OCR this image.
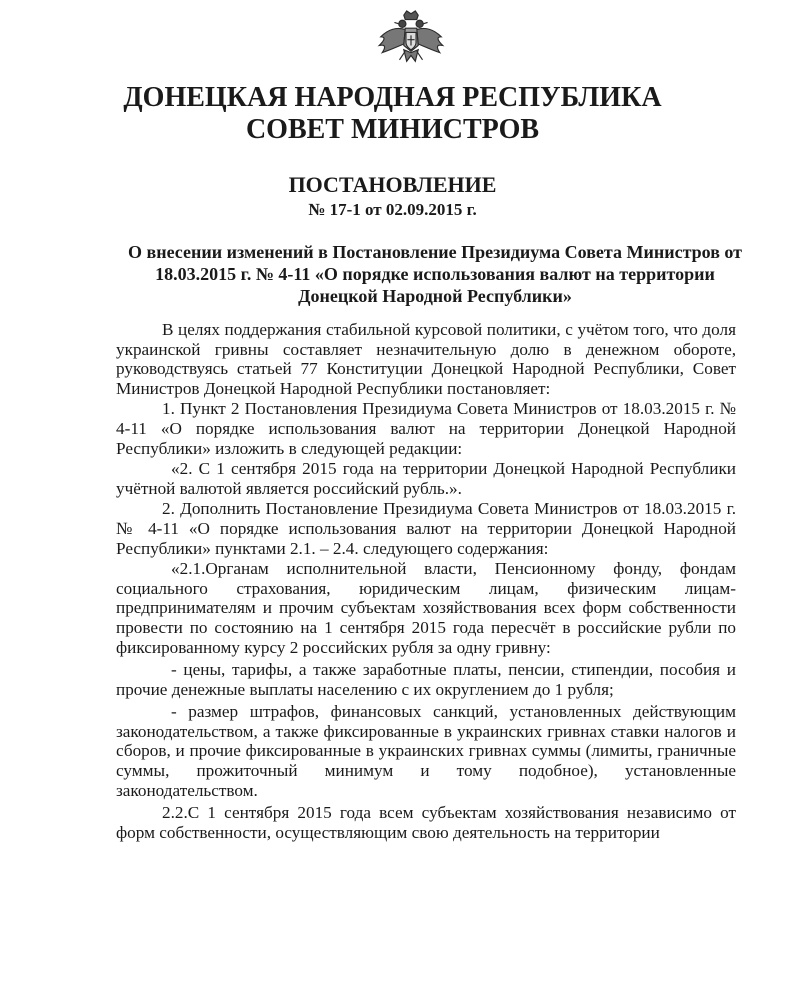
ДОНЕЦКАЯ НАРОДНАЯ РЕСПУБЛИКА
СОВЕТ МИНИСТРОВ
ПОСТАНОВЛЕНИЕ
№ 17-1 от 02.09.2015 г.
О внесении изменений в Постановление Президиума Совета Министров от 18.03.2015 г. № 4-11 «О порядке использования валют на территории Донецкой Народной Республики»

В целях поддержания стабильной курсовой политики, с учётом того, что доля украинской гривны составляет незначительную долю в денежном обороте, руководствуясь статьей 77 Конституции Донецкой Народной Республики, Совет Министров Донецкой Народной Республики постановляет:

1. Пункт 2 Постановления Президиума Совета Министров от 18.03.2015 г. № 4-11 «О порядке использования валют на территории Донецкой Народной Республики» изложить в следующей редакции:

«2. С 1 сентября 2015 года на территории Донецкой Народной Республики учётной валютой является российский рубль.».

2. Дополнить Постановление Президиума Совета Министров от 18.03.2015 г. № 4-11 «О порядке использования валют на территории Донецкой Народной Республики» пунктами 2.1. – 2.4. следующего содержания:

«2.1.Органам исполнительной власти, Пенсионному фонду, фондам социального страхования, юридическим лицам, физическим лицам-предпринимателям и прочим субъектам хозяйствования всех форм собственности провести по состоянию на 1 сентября 2015 года пересчёт в российские рубли по фиксированному курсу 2 российских рубля за одну гривну:

- цены, тарифы, а также заработные платы, пенсии, стипендии, пособия и прочие денежные выплаты населению с их округлением до 1 рубля;

- размер штрафов, финансовых санкций, установленных действующим законодательством, а также фиксированные в украинских гривнах ставки налогов и сборов, и прочие фиксированные в украинских гривнах суммы (лимиты, граничные суммы, прожиточный минимум и тому подобное), установленные законодательством.

2.2.С 1 сентября 2015 года всем субъектам хозяйствования независимо от форм собственности, осуществляющим свою деятельность на территории
